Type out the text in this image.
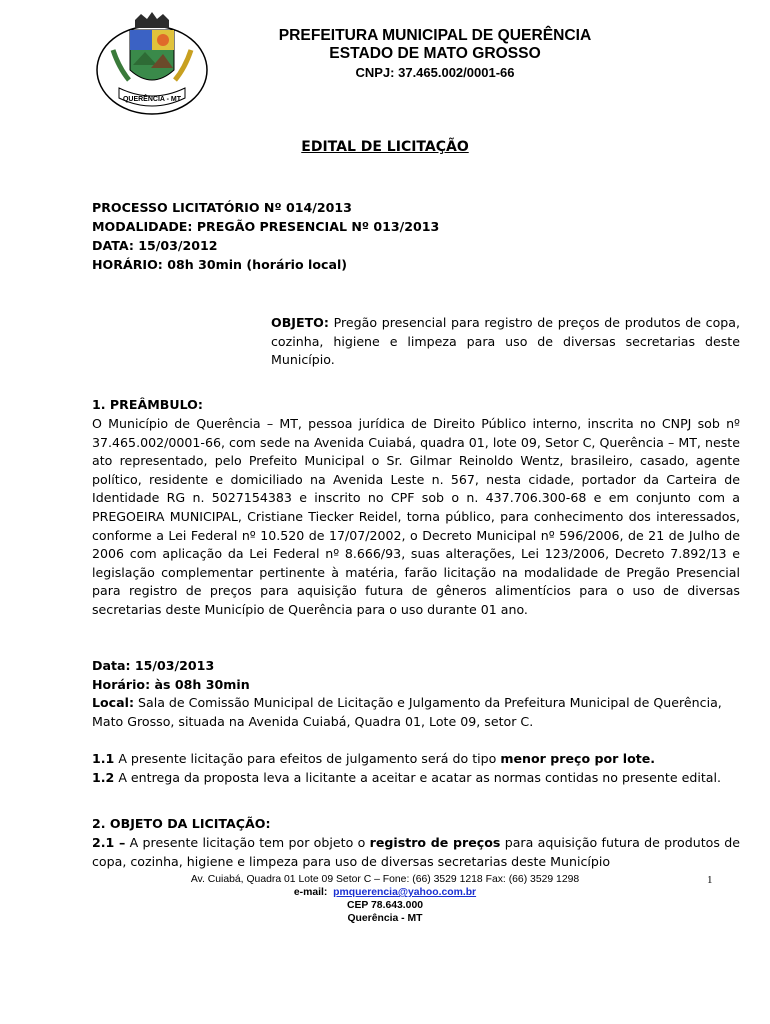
QUERÊNCIA - MT
PREFEITURA MUNICIPAL DE QUERÊNCIA
ESTADO DE MATO GROSSO
CNPJ: 37.465.002/0001-66
EDITAL DE LICITAÇÃO
PROCESSO LICITATÓRIO Nº 014/2013
MODALIDADE: PREGÃO PRESENCIAL Nº 013/2013
DATA: 15/03/2012
HORÁRIO: 08h 30min (horário local)
OBJETO: Pregão presencial para registro de preços de produtos de copa, cozinha, higiene e limpeza para uso de diversas secretarias deste Município.
1. PREÂMBULO:
O Município de Querência – MT, pessoa jurídica de Direito Público interno, inscrita no CNPJ sob nº 37.465.002/0001-66, com sede na Avenida Cuiabá, quadra 01, lote 09, Setor C, Querência – MT, neste ato representado, pelo Prefeito Municipal o Sr. Gilmar Reinoldo Wentz, brasileiro, casado, agente político, residente e domiciliado na Avenida Leste n. 567, nesta cidade, portador da Carteira de Identidade RG n. 5027154383 e inscrito no CPF sob o n. 437.706.300-68 e em conjunto com a PREGOEIRA MUNICIPAL, Cristiane Tiecker Reidel, torna público, para conhecimento dos interessados, conforme a Lei Federal nº 10.520 de 17/07/2002, o Decreto Municipal nº 596/2006, de 21 de Julho de 2006 com aplicação da Lei Federal nº 8.666/93, suas alterações, Lei 123/2006, Decreto 7.892/13 e legislação complementar pertinente à matéria, farão licitação na modalidade de Pregão Presencial para registro de preços para aquisição futura de gêneros alimentícios para o uso de diversas secretarias deste Município de Querência para o uso durante 01 ano.
Data: 15/03/2013
Horário: às 08h 30min
Local: Sala de Comissão Municipal de Licitação e Julgamento da Prefeitura Municipal de Querência, Mato Grosso, situada na Avenida Cuiabá, Quadra 01, Lote 09, setor C.
1.1 A presente licitação para efeitos de julgamento será do tipo menor preço por lote.
1.2 A entrega da proposta leva a licitante a aceitar e acatar as normas contidas no presente edital.
2. OBJETO DA LICITAÇÃO:
2.1 – A presente licitação tem por objeto o registro de preços para aquisição futura de produtos de copa, cozinha, higiene e limpeza para uso de diversas secretarias deste Município
Av. Cuiabá, Quadra 01 Lote 09 Setor C – Fone: (66) 3529 1218 Fax: (66) 3529 1298
e-mail: pmquerencia@yahoo.com.br
CEP 78.643.000
Querência - MT
1
